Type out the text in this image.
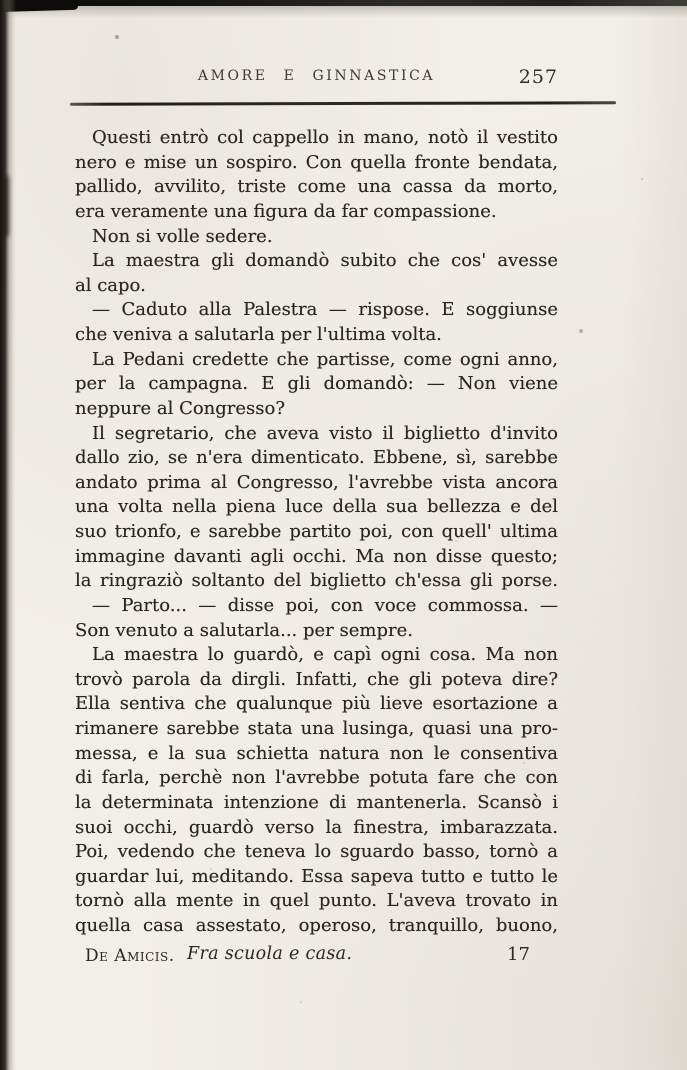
AMORE E GINNASTICA	257
Questi entrò col cappello in mano, notò il vestito
nero e mise un sospiro. Con quella fronte bendata,
pallido, avvilito, triste come una cassa da morto,
era veramente una figura da far compassione.
Non si volle sedere.
La maestra gli domandò subito che cos' avesse
al capo.
— Caduto alla Palestra — rispose. E soggiunse
che veniva a salutarla per l'ultima volta.
La Pedani credette che partisse, come ogni anno,
per la campagna. E gli domandò: — Non viene
neppure al Congresso?
Il segretario, che aveva visto il biglietto d'invito
dallo zio, se n'era dimenticato. Ebbene, sì, sarebbe
andato prima al Congresso, l'avrebbe vista ancora
una volta nella piena luce della sua bellezza e del
suo trionfo, e sarebbe partito poi, con quell' ultima
immagine davanti agli occhi. Ma non disse questo;
la ringraziò soltanto del biglietto ch'essa gli porse.
— Parto... — disse poi, con voce commossa. —
Son venuto a salutarla... per sempre.
La maestra lo guardò, e capì ogni cosa. Ma non
trovò parola da dirgli. Infatti, che gli poteva dire?
Ella sentiva che qualunque più lieve esortazione a
rimanere sarebbe stata una lusinga, quasi una pro-
messa, e la sua schietta natura non le consentiva
di farla, perchè non l'avrebbe potuta fare che con
la determinata intenzione di mantenerla. Scansò i
suoi occhi, guardò verso la finestra, imbarazzata.
Poi, vedendo che teneva lo sguardo basso, tornò a
guardar lui, meditando. Essa sapeva tutto e tutto le
tornò alla mente in quel punto. L'aveva trovato in
quella casa assestato, operoso, tranquillo, buono,
De Amicis. Fra scuola e casa.	17
